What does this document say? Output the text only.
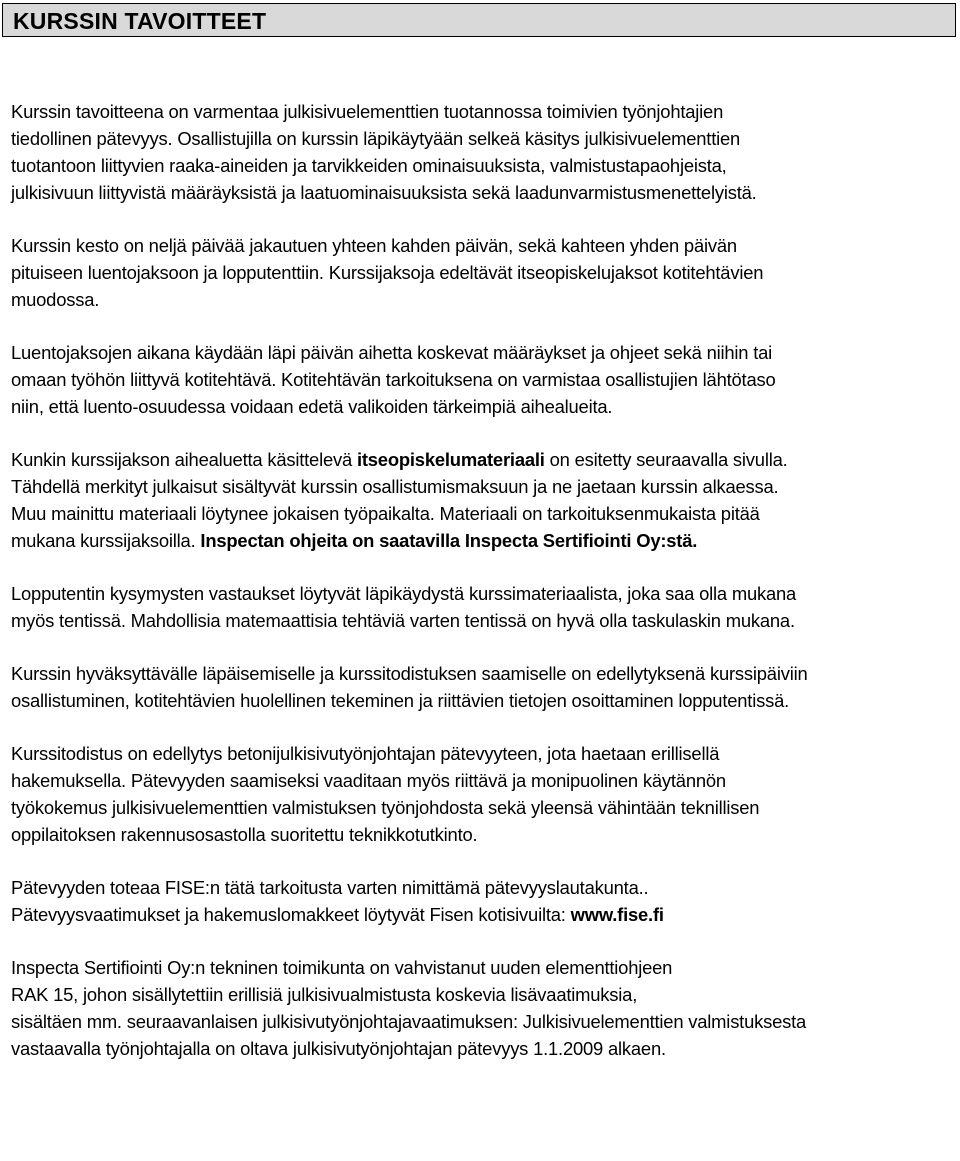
KURSSIN TAVOITTEET

Kurssin tavoitteena on varmentaa julkisivuelementtien tuotannossa toimivien työnjohtajien
tiedollinen pätevyys. Osallistujilla on kurssin läpikäytyään selkeä käsitys julkisivuelementtien
tuotantoon liittyvien raaka-aineiden ja tarvikkeiden ominaisuuksista, valmistustapaohjeista,
julkisivuun liittyvistä määräyksistä ja laatuominaisuuksista sekä laadunvarmistusmenettelyistä.

Kurssin kesto on neljä päivää jakautuen yhteen kahden päivän, sekä kahteen yhden päivän
pituiseen luentojaksoon ja lopputenttiin. Kurssijaksoja edeltävät itseopiskelujaksot kotitehtävien
muodossa.

Luentojaksojen aikana käydään läpi päivän aihetta koskevat määräykset ja ohjeet sekä niihin tai
omaan työhön liittyvä kotitehtävä. Kotitehtävän tarkoituksena on varmistaa osallistujien lähtötaso
niin, että luento-osuudessa voidaan edetä valikoiden tärkeimpiä aihealueita.

Kunkin kurssijakson aihealuetta käsittelevä itseopiskelumateriaali on esitetty seuraavalla sivulla.
Tähdellä merkityt julkaisut sisältyvät kurssin osallistumismaksuun ja ne jaetaan kurssin alkaessa.
Muu mainittu materiaali löytynee jokaisen työpaikalta. Materiaali on tarkoituksenmukaista pitää
mukana kurssijaksoilla. Inspectan ohjeita on saatavilla Inspecta Sertifiointi Oy:stä.

Lopputentin kysymysten vastaukset löytyvät läpikäydystä kurssimateriaalista, joka saa olla mukana
myös tentissä. Mahdollisia matemaattisia tehtäviä varten tentissä on hyvä olla taskulaskin mukana.

Kurssin hyväksyttävälle läpäisemiselle ja kurssitodistuksen saamiselle on edellytyksenä kurssipäiviin
osallistuminen, kotitehtävien huolellinen tekeminen ja riittävien tietojen osoittaminen lopputentissä.

Kurssitodistus on edellytys betonijulkisivutyönjohtajan pätevyyteen, jota haetaan erillisellä
hakemuksella. Pätevyyden saamiseksi vaaditaan myös riittävä ja monipuolinen käytännön
työkokemus julkisivuelementtien valmistuksen työnjohdosta sekä yleensä vähintään teknillisen
oppilaitoksen rakennusosastolla suoritettu teknikkotutkinto.

Pätevyyden toteaa FISE:n tätä tarkoitusta varten nimittämä pätevyyslautakunta..
Pätevyysvaatimukset ja hakemuslomakkeet löytyvät Fisen kotisivuilta: www.fise.fi

Inspecta Sertifiointi Oy:n tekninen toimikunta on vahvistanut uuden elementtiohjeen
RAK 15, johon sisällytettiin erillisiä julkisivualmistusta koskevia lisävaatimuksia,
sisältäen mm. seuraavanlaisen julkisivutyönjohtajavaatimuksen: Julkisivuelementtien valmistuksesta
vastaavalla työnjohtajalla on oltava julkisivutyönjohtajan pätevyys 1.1.2009 alkaen.
